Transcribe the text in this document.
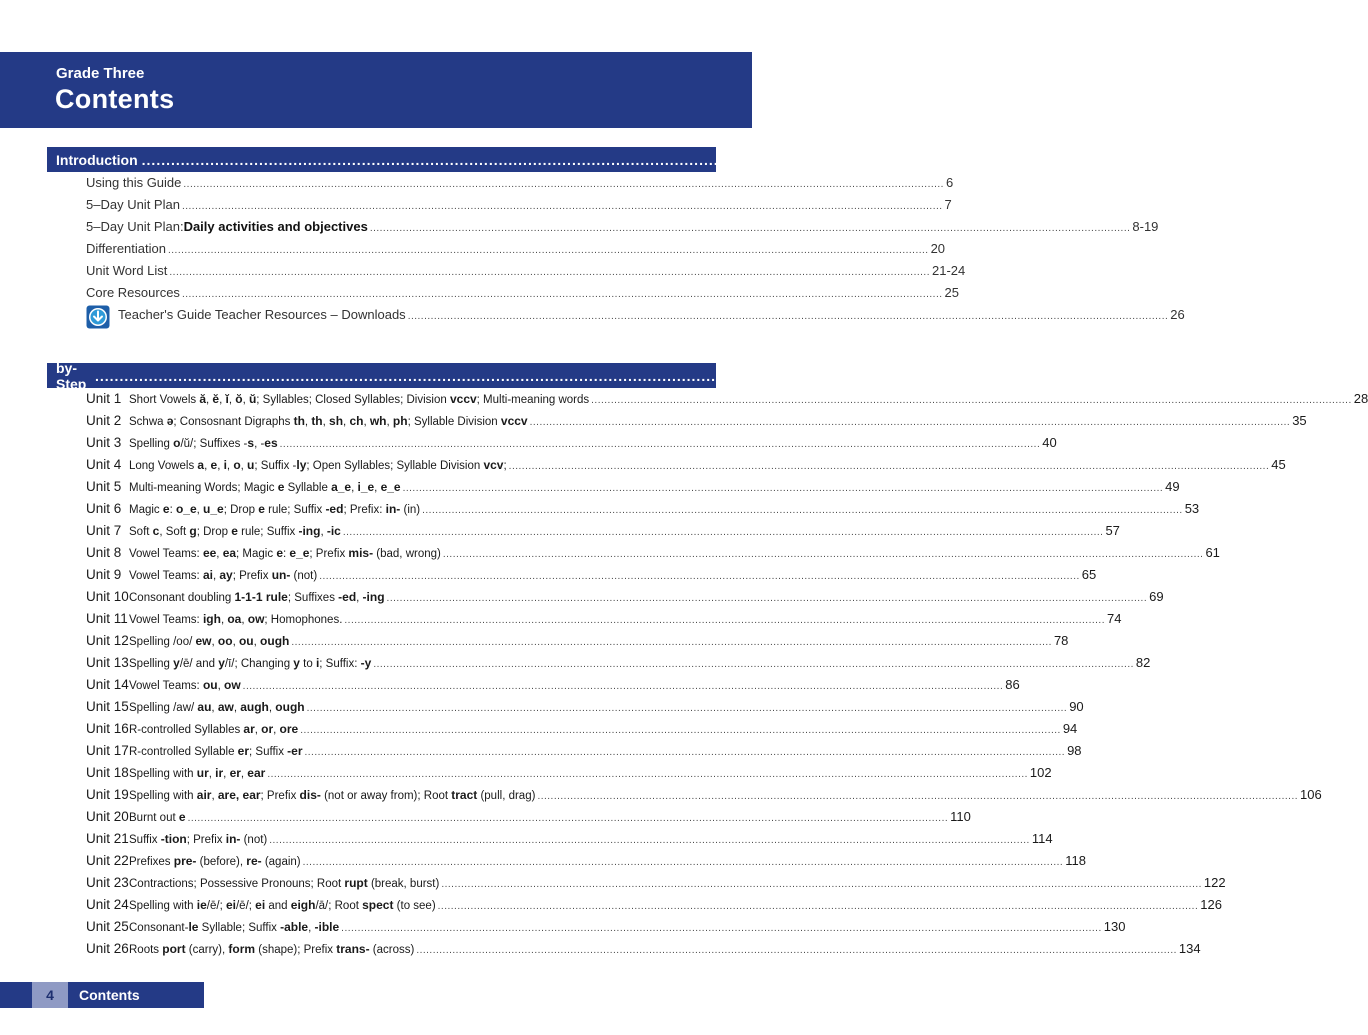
Grade Three
Contents
Introduction ........................................................................................................................................................................................................................................ 6–26
Using this Guide ........................................................................................................................................................................................................................................ 6
5–Day Unit Plan ........................................................................................................................................................................................................................................ 7
5–Day Unit Plan: Daily activities and objectives ........................................................................................................................................................................................................................................ 8-19
Differentiation ........................................................................................................................................................................................................................................ 20
Unit Word List ........................................................................................................................................................................................................................................ 21-24
Core Resources ........................................................................................................................................................................................................................................ 25
Teacher's Guide Teacher Resources – Downloads ........................................................................................................................................................................................................................................ 26
Step-by-Step Units
........................................................................................................................................................................................................................................ 27–153
Unit 1 Short Vowels ă, ĕ, ĭ, ŏ, ŭ; Syllables; Closed Syllables; Division vccv; Multi-meaning words ........................................................................................................................................................................................................................................ 28
Unit 2 Schwa ə; Consosnant Digraphs th, th, sh, ch, wh, ph; Syllable Division vccv ........................................................................................................................................................................................................................................ 35
Unit 3 Spelling o/ŭ/; Suffixes -s, -es ........................................................................................................................................................................................................................................ 40
Unit 4 Long Vowels a, e, i, o, u; Suffix -ly; Open Syllables; Syllable Division vcv; ........................................................................................................................................................................................................................................ 45
Unit 5 Multi-meaning Words; Magic e Syllable a_e, i_e, e_e ........................................................................................................................................................................................................................................ 49
Unit 6 Magic e: o_e, u_e; Drop e rule; Suffix -ed; Prefix: in- (in) ........................................................................................................................................................................................................................................ 53
Unit 7 Soft c, Soft g; Drop e rule; Suffix -ing, -ic ........................................................................................................................................................................................................................................ 57
Unit 8 Vowel Teams: ee, ea; Magic e: e_e; Prefix mis- (bad, wrong) ........................................................................................................................................................................................................................................ 61
Unit 9 Vowel Teams: ai, ay; Prefix un- (not) ........................................................................................................................................................................................................................................ 65
Unit 10 Consonant doubling 1-1-1 rule; Suffixes -ed, -ing ........................................................................................................................................................................................................................................ 69
Unit 11 Vowel Teams: igh, oa, ow; Homophones. ........................................................................................................................................................................................................................................ 74
Unit 12 Spelling /oo/ ew, oo, ou, ough ........................................................................................................................................................................................................................................ 78
Unit 13 Spelling y/ē/ and y/ī/; Changing y to i; Suffix: -y ........................................................................................................................................................................................................................................ 82
Unit 14 Vowel Teams: ou, ow ........................................................................................................................................................................................................................................ 86
Unit 15 Spelling /aw/ au, aw, augh, ough ........................................................................................................................................................................................................................................ 90
Unit 16 R-controlled Syllables ar, or, ore ........................................................................................................................................................................................................................................ 94
Unit 17 R-controlled Syllable er; Suffix -er ........................................................................................................................................................................................................................................ 98
Unit 18 Spelling with ur, ir, er, ear ........................................................................................................................................................................................................................................ 102
Unit 19 Spelling with air, are, ear; Prefix dis- (not or away from); Root tract (pull, drag) ........................................................................................................................................................................................................................................ 106
Unit 20 Burnt out e ........................................................................................................................................................................................................................................ 110
Unit 21 Suffix -tion; Prefix in- (not) ........................................................................................................................................................................................................................................ 114
Unit 22 Prefixes pre- (before), re- (again) ........................................................................................................................................................................................................................................ 118
Unit 23 Contractions; Possessive Pronouns; Root rupt (break, burst) ........................................................................................................................................................................................................................................ 122
Unit 24 Spelling with ie/ē/; ei/ē/; ei and eigh/ā/; Root spect (to see) ........................................................................................................................................................................................................................................ 126
Unit 25 Consonant-le Syllable; Suffix -able, -ible ........................................................................................................................................................................................................................................ 130
Unit 26 Roots port (carry), form (shape); Prefix trans- (across) ........................................................................................................................................................................................................................................ 134
4	Contents
